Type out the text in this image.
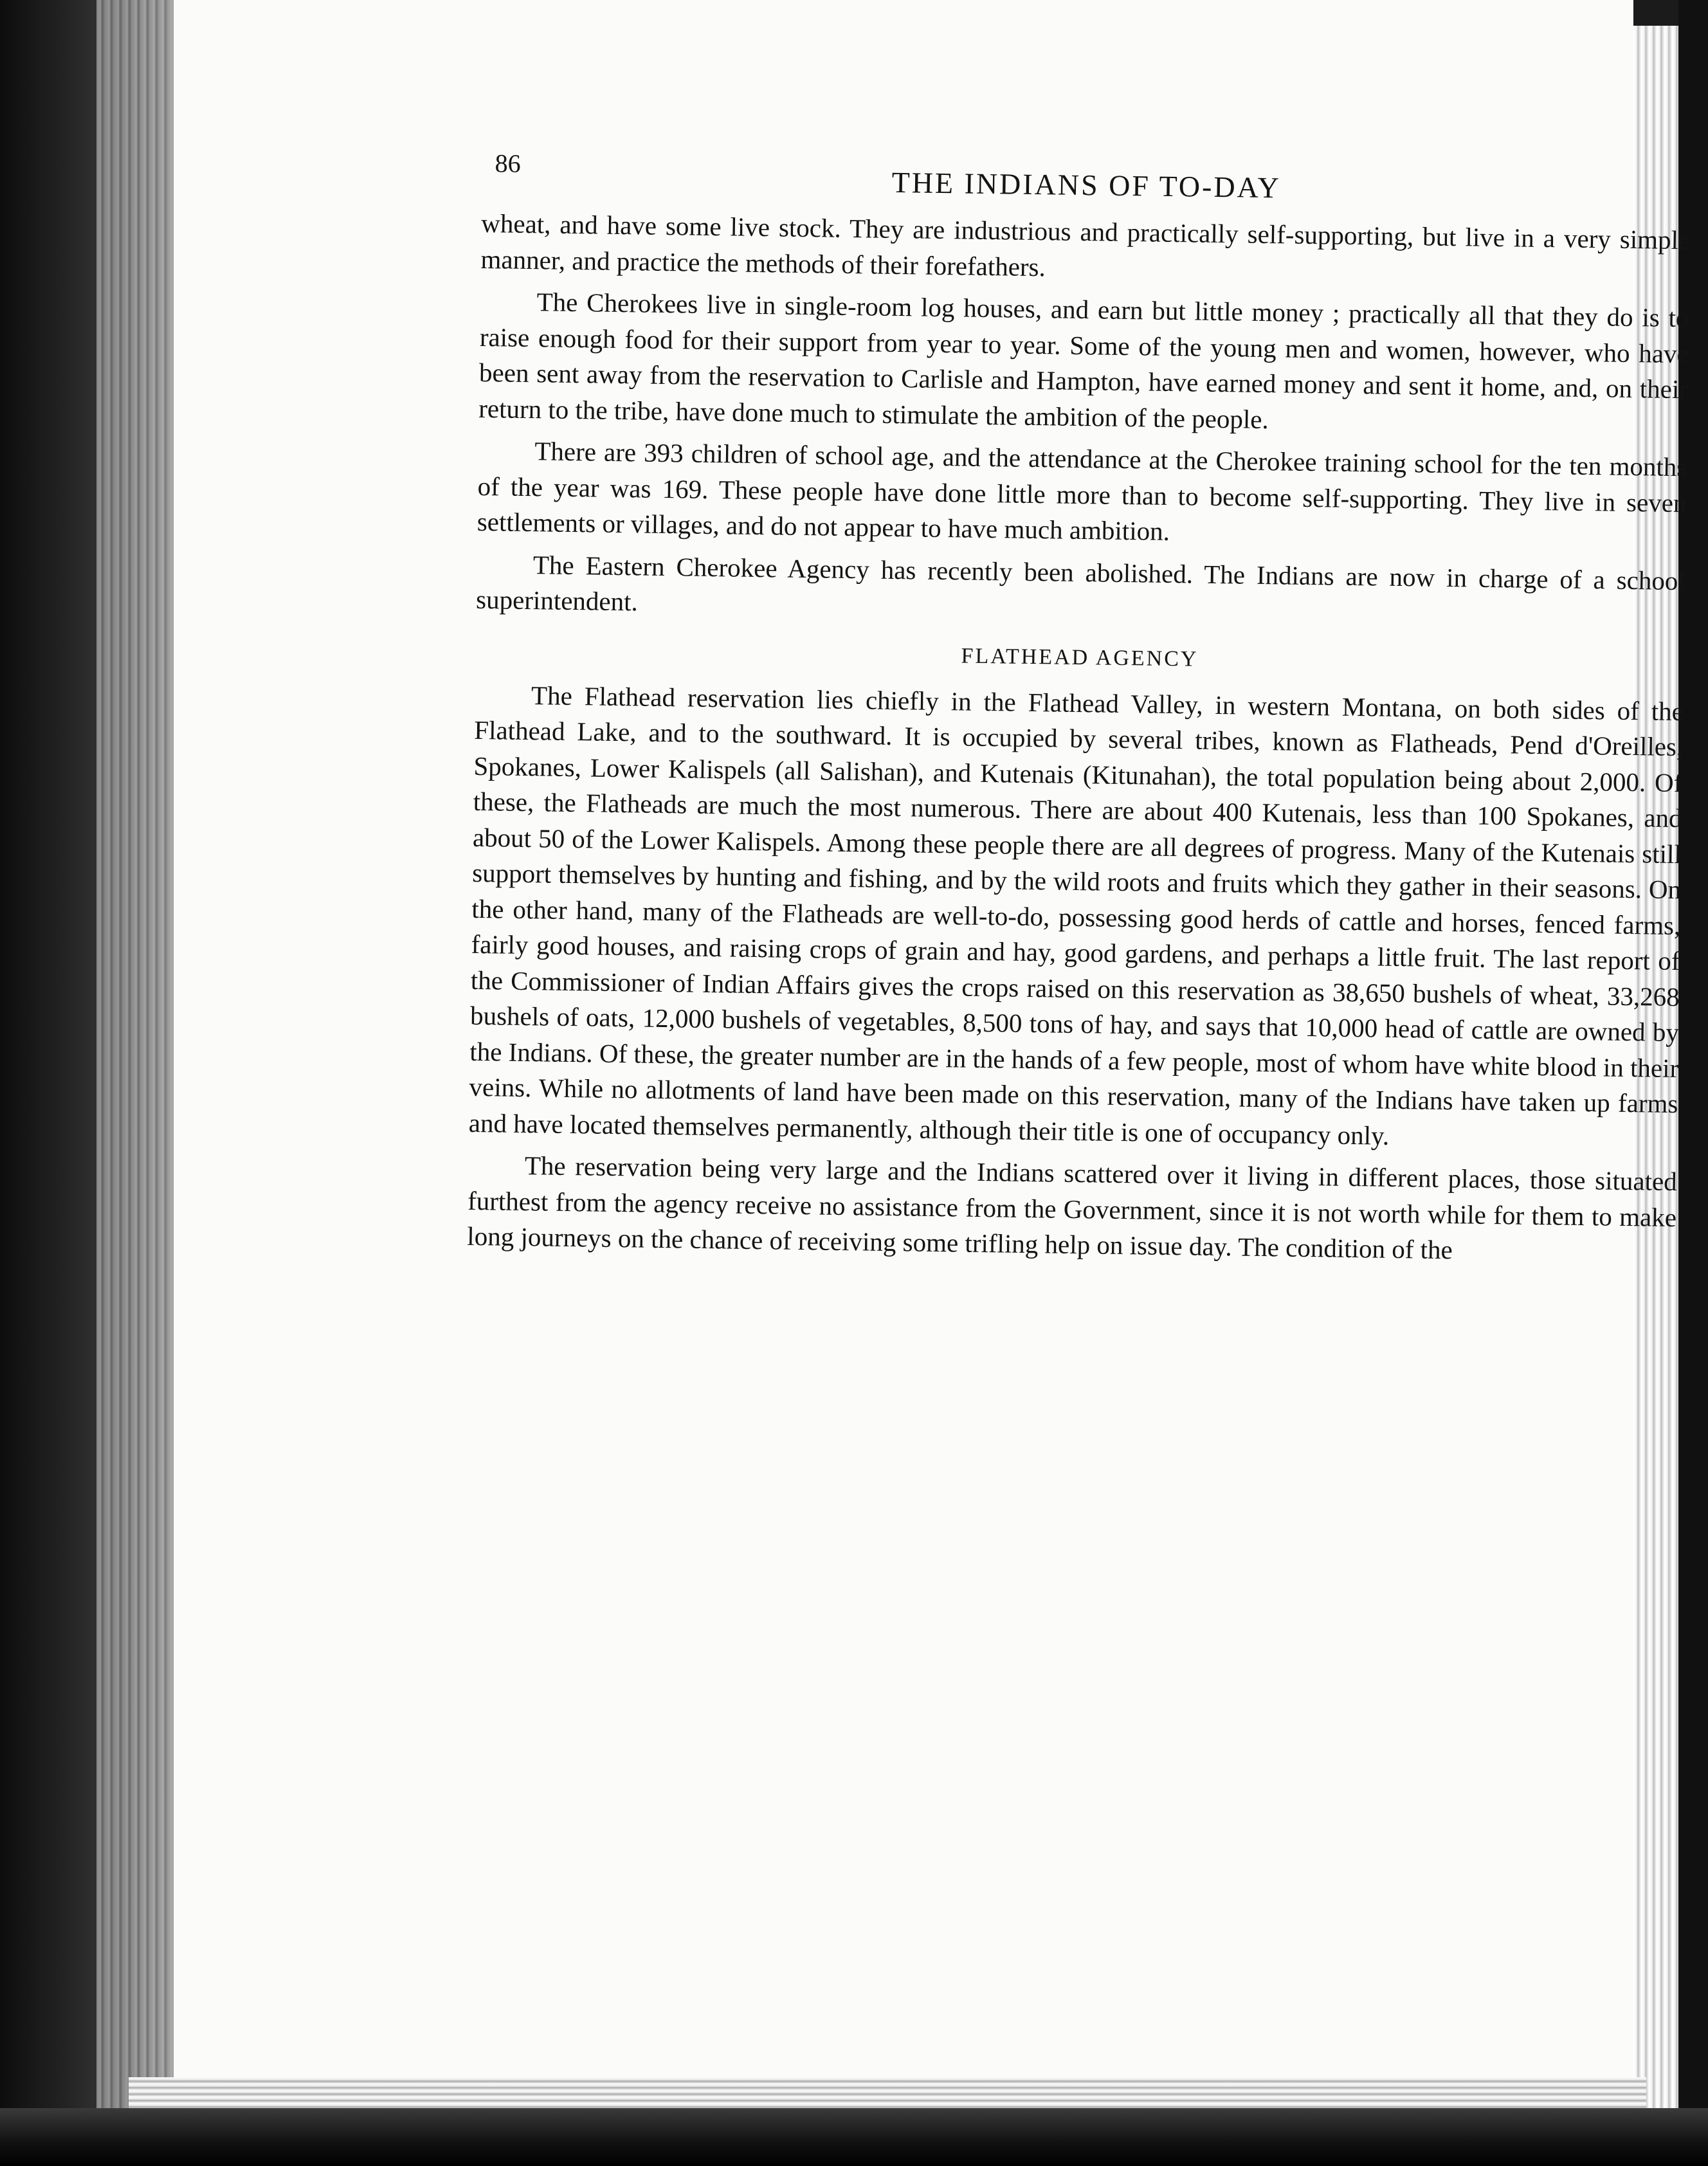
86
THE INDIANS OF TO-DAY

wheat, and have some live stock. They are industrious and practically self-supporting, but live in a very simple manner, and practice the methods of their forefathers.

The Cherokees live in single-room log houses, and earn but little money ; practically all that they do is to raise enough food for their support from year to year. Some of the young men and women, however, who have been sent away from the reservation to Carlisle and Hampton, have earned money and sent it home, and, on their return to the tribe, have done much to stimulate the ambition of the people.

There are 393 children of school age, and the attendance at the Cherokee training school for the ten months of the year was 169. These people have done little more than to become self-supporting. They live in seven settlements or villages, and do not appear to have much ambition.

The Eastern Cherokee Agency has recently been abolished. The Indians are now in charge of a school superintendent.

FLATHEAD AGENCY

The Flathead reservation lies chiefly in the Flathead Valley, in western Montana, on both sides of the Flathead Lake, and to the southward. It is occupied by several tribes, known as Flatheads, Pend d'Oreilles, Spokanes, Lower Kalispels (all Salishan), and Kutenais (Kitunahan), the total population being about 2,000. Of these, the Flatheads are much the most numerous. There are about 400 Kutenais, less than 100 Spokanes, and about 50 of the Lower Kalispels. Among these people there are all degrees of progress. Many of the Kutenais still support themselves by hunting and fishing, and by the wild roots and fruits which they gather in their seasons. On the other hand, many of the Flatheads are well-to-do, possessing good herds of cattle and horses, fenced farms, fairly good houses, and raising crops of grain and hay, good gardens, and perhaps a little fruit. The last report of the Commissioner of Indian Affairs gives the crops raised on this reservation as 38,650 bushels of wheat, 33,268 bushels of oats, 12,000 bushels of vegetables, 8,500 tons of hay, and says that 10,000 head of cattle are owned by the Indians. Of these, the greater number are in the hands of a few people, most of whom have white blood in their veins. While no allotments of land have been made on this reservation, many of the Indians have taken up farms and have located themselves permanently, although their title is one of occupancy only.

The reservation being very large and the Indians scattered over it living in different places, those situated furthest from the agency receive no assistance from the Government, since it is not worth while for them to make long journeys on the chance of receiving some trifling help on issue day. The condition of the
